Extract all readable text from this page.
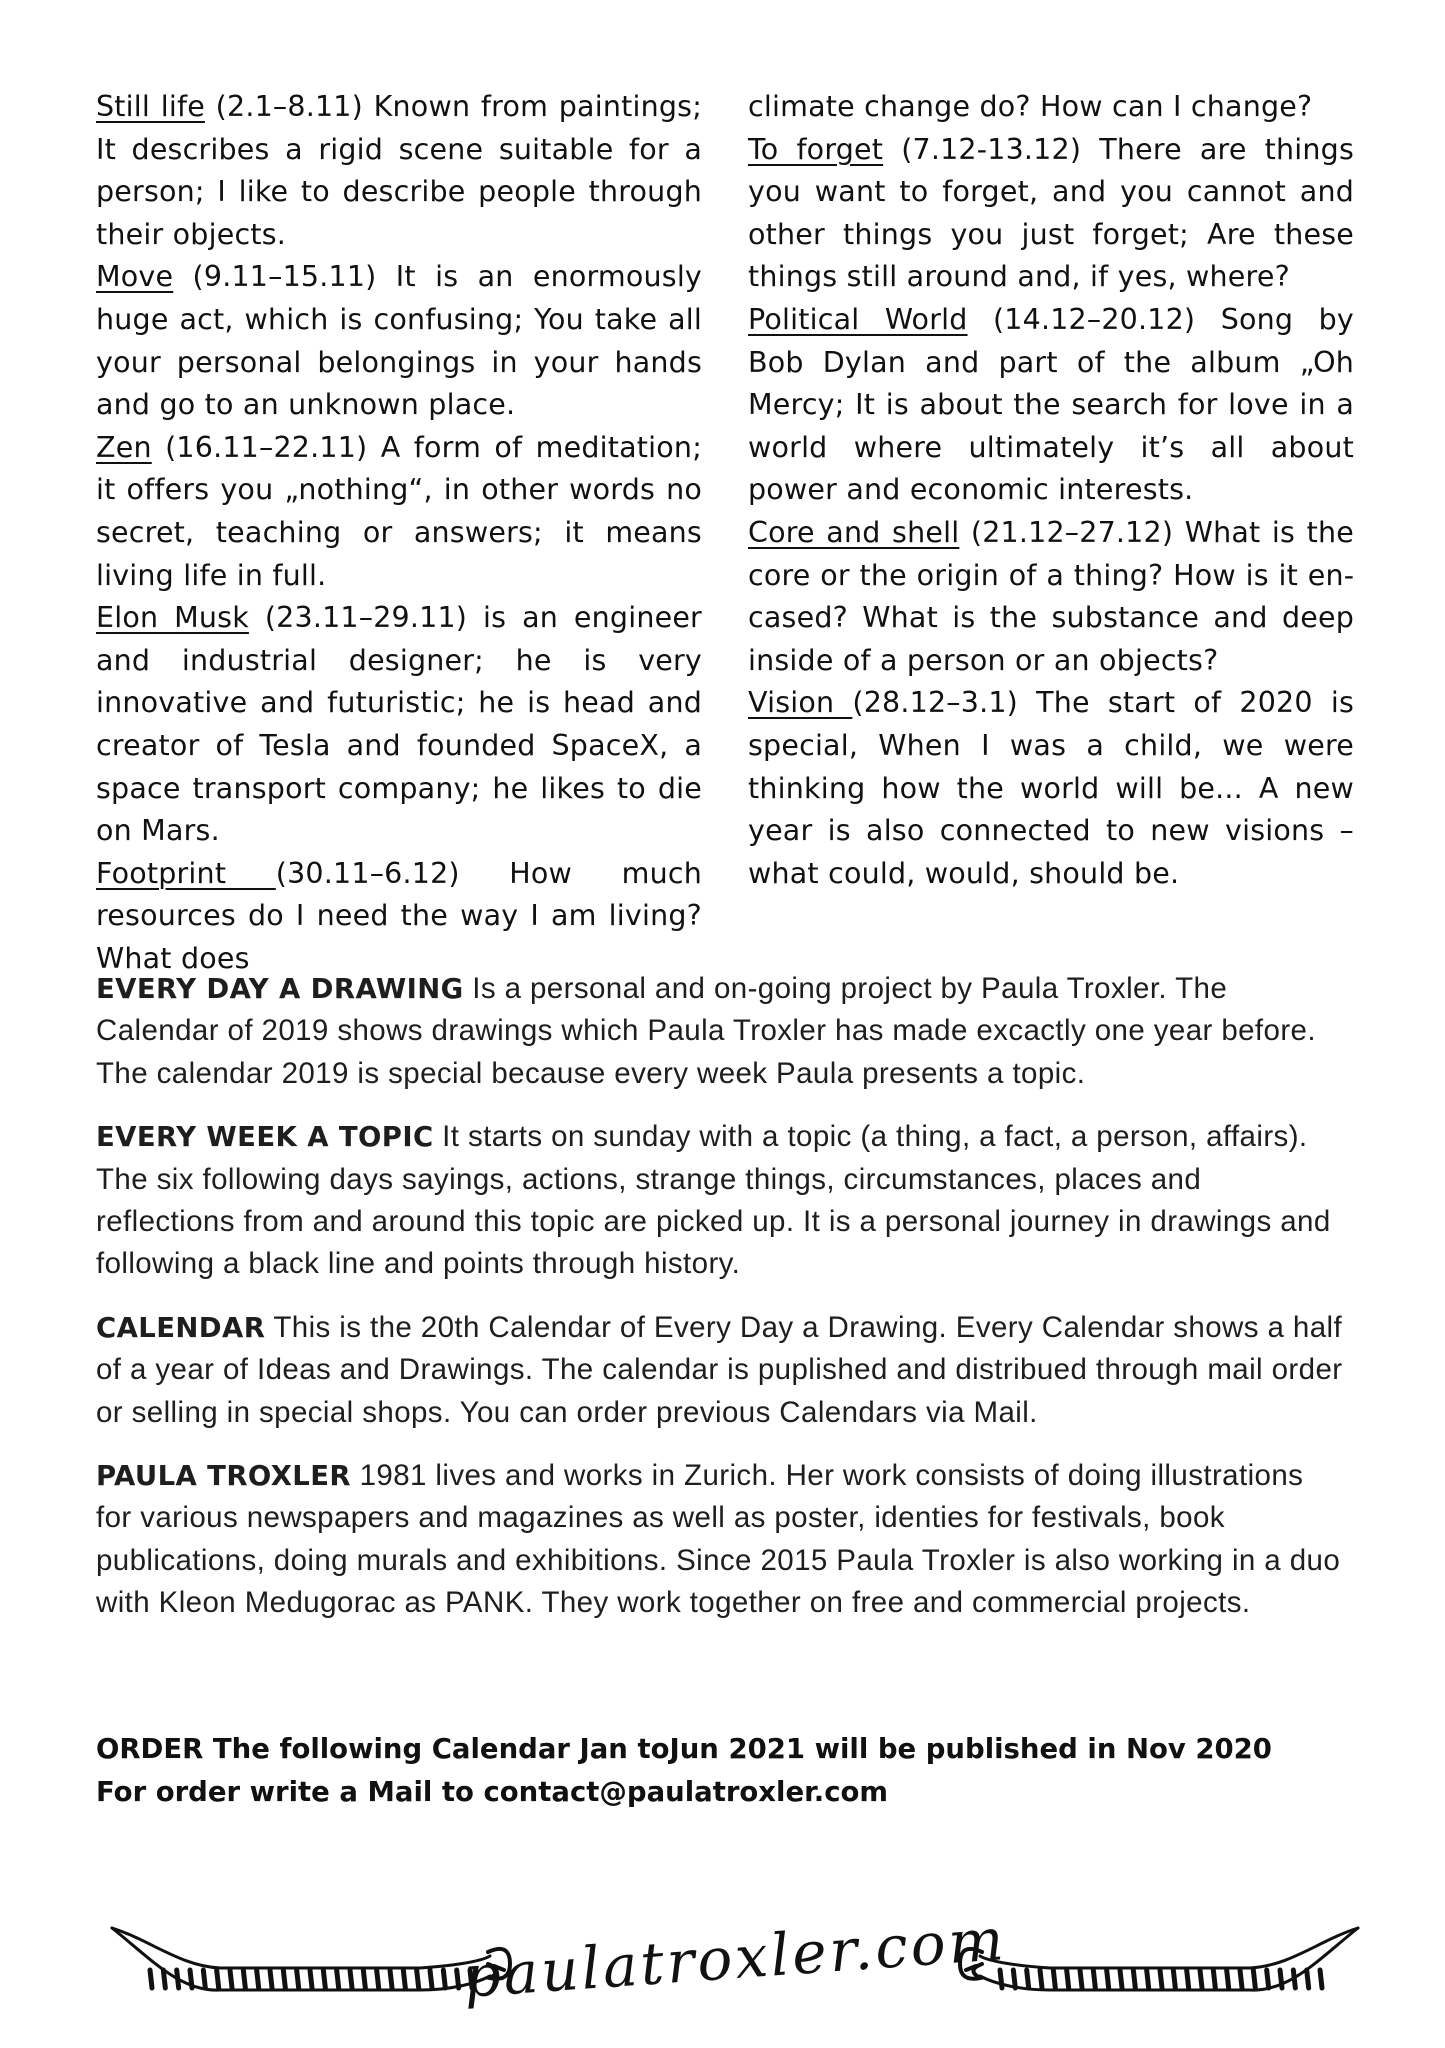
Still life (2.1–8.11) Known from paintings; It describes a rigid scene suitable for a person; I like to describe people through their objects.

Move (9.11–15.11) It is an enormously huge act, which is confusing; You take all your personal belongings in your hands and go to an unknown place.

Zen (16.11–22.11) A form of meditation; it offers you „nothing“, in other words no secret, teaching or answers; it means living life in full.

Elon Musk (23.11–29.11) is an engineer and industrial designer; he is very innovative and futuristic; he is head and creator of Tesla and founded SpaceX, a space transport company; he likes to die on Mars.

Footprint (30.11–6.12) How much resources do I need the way I am living? What does

climate change do? How can I change?

To forget (7.12-13.12) There are things you want to forget, and you cannot and other things you just forget; Are these things still around and, if yes, where?

Political World (14.12–20.12) Song by Bob Dylan and part of the album „Oh Mercy; It is about the search for love in a world where ultimately it’s all about power and economic interests.

Core and shell (21.12–27.12) What is the core or the origin of a thing? How is it encased? What is the substance and deep inside of a person or an objects?

Vision (28.12–3.1) The start of 2020 is special, When I was a child, we were thinking how the world will be... A new year is also connected to new visions – what could, would, should be.

EVERY DAY A DRAWING Is a personal and on-going project by Paula Troxler. The Calendar of 2019 shows drawings which Paula Troxler has made excactly one year before. The calendar 2019 is special because every week Paula presents a topic.

EVERY WEEK A TOPIC It starts on sunday with a topic (a thing, a fact, a person, affairs). The six following days sayings, actions, strange things, circumstances, places and reflections from and around this topic are picked up. It is a personal journey in drawings and following a black line and points through history.

CALENDAR This is the 20th Calendar of Every Day a Drawing. Every Calendar shows a half of a year of Ideas and Drawings. The calendar is puplished and distribued through mail order or selling in special shops. You can order previous Calendars via Mail.

PAULA TROXLER 1981 lives and works in Zurich. Her work consists of doing illustrations for various newspapers and magazines as well as poster, identies for festivals, book publications, doing murals and exhibitions. Since 2015 Paula Troxler is also working in a duo with Kleon Medugorac as PANK. They work together on free and commercial projects.

ORDER The following Calendar Jan toJun 2021 will be published in Nov 2020
For order write a Mail to contact@paulatroxler.com
paulatroxler.com
